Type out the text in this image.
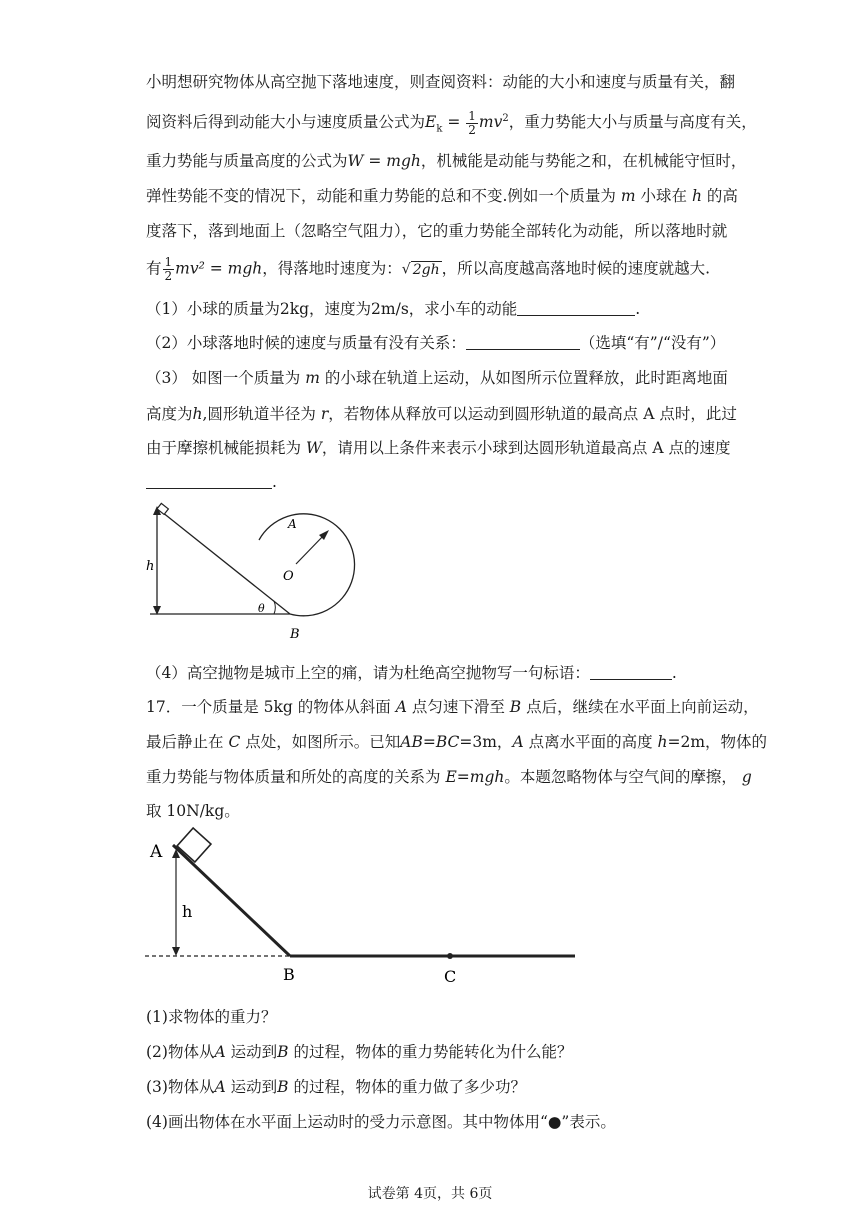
小明想研究物体从高空抛下落地速度，则查阅资料：动能的大小和速度与质量有关，翻
阅资料后得到动能大小与速度质量公式为$E_k = \frac{1}{2} mv^2$，重力势能大小与质量与高度有关，
重力势能与质量高度的公式为W = mgh，机械能是动能与势能之和，在机械能守恒时，
弹性势能不变的情况下，动能和重力势能的总和不变.例如一个质量为 m 小球在 h 的高
度落下，落到地面上（忽略空气阻力），它的重力势能全部转化为动能，所以落地时就
有 $\frac{1}{2} mv^2$ = mgh，得落地时速度为：√ 2gh ，所以高度越高落地时候的速度就越大.
（1）小球的质量为2kg，速度为2m/s，求小车的动能	.
（2）小球落地时候的速度与质量有没有关系：	（选填“有”/“没有”）
（3） 如图一个质量为 m 的小球在轨道上运动，从如图所示位置释放，此时距离地面
高度为h,圆形轨道半径为 r，若物体从释放可以运动到圆形轨道的最高点 A 点时，此过
由于摩擦机械能损耗为 W，请用以上条件来表示小球到达圆形轨道最高点 A 点的速度
.
h
θ
O
A
B
（4）高空抛物是城市上空的痛，请为杜绝高空抛物写一句标语：	.
17．一个质量是 5kg 的物体从斜面 A 点匀速下滑至 B 点后，继续在水平面上向前运动，
最后静止在 C 点处，如图所示。已知AB=BC=3m，A 点离水平面的高度 h=2m，物体的
重力势能与物体质量和所处的高度的关系为 E=mgh。本题忽略物体与空气间的摩擦， g
取 10N/kg。
A
h
B	C
(1)求物体的重力？
(2)物体从A 运动到B 的过程，物体的重力势能转化为什么能？
(3)物体从A 运动到B 的过程，物体的重力做了多少功？
(4)画出物体在水平面上运动时的受力示意图。其中物体用“●”表示。
试卷第 4页，共 6页
